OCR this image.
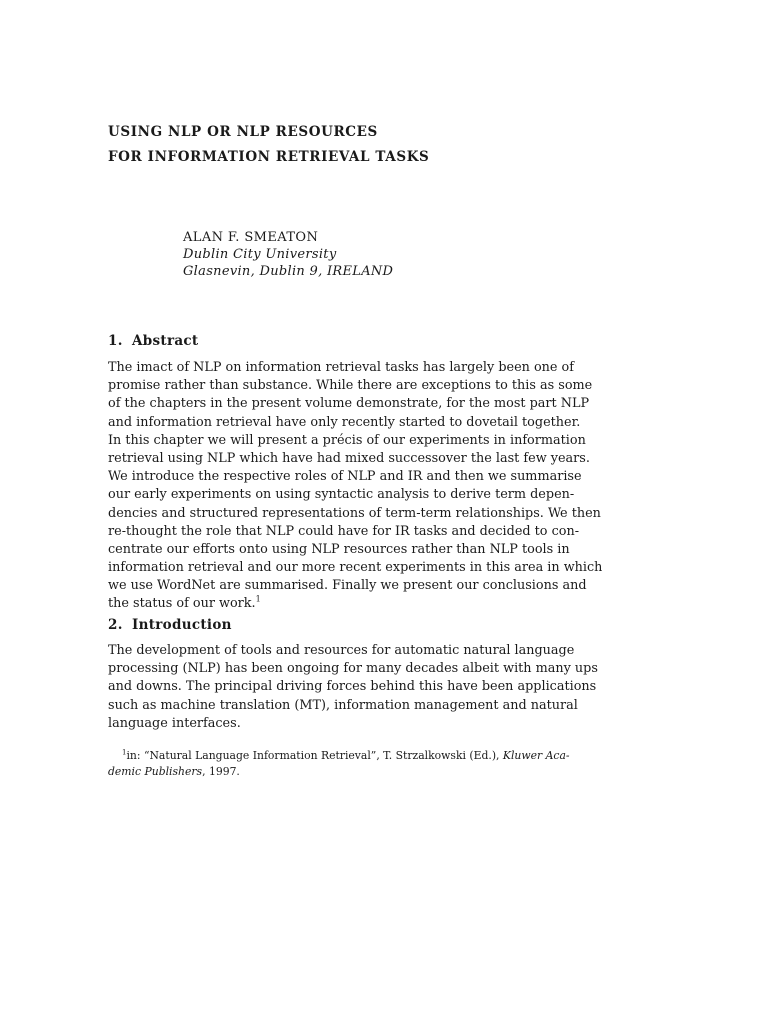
USING NLP OR NLP RESOURCES
FOR INFORMATION RETRIEVAL TASKS
ALAN F. SMEATON
Dublin City University
Glasnevin, Dublin 9, IRELAND
1. Abstract
The imact of NLP on information retrieval tasks has largely been one of
promise rather than substance. While there are exceptions to this as some
of the chapters in the present volume demonstrate, for the most part NLP
and information retrieval have only recently started to dovetail together.
In this chapter we will present a précis of our experiments in information
retrieval using NLP which have had mixed successover the last few years.
We introduce the respective roles of NLP and IR and then we summarise
our early experiments on using syntactic analysis to derive term depen-
dencies and structured representations of term-term relationships. We then
re-thought the role that NLP could have for IR tasks and decided to con-
centrate our efforts onto using NLP resources rather than NLP tools in
information retrieval and our more recent experiments in this area in which
we use WordNet are summarised. Finally we present our conclusions and
the status of our work.$^1$
2. Introduction
The development of tools and resources for automatic natural language
processing (NLP) has been ongoing for many decades albeit with many ups
and downs. The principal driving forces behind this have been applications
such as machine translation (MT), information management and natural
language interfaces.
$^1$in: “Natural Language Information Retrieval”, T. Strzalkowski (Ed.), Kluwer Aca-
demic Publishers, 1997.
